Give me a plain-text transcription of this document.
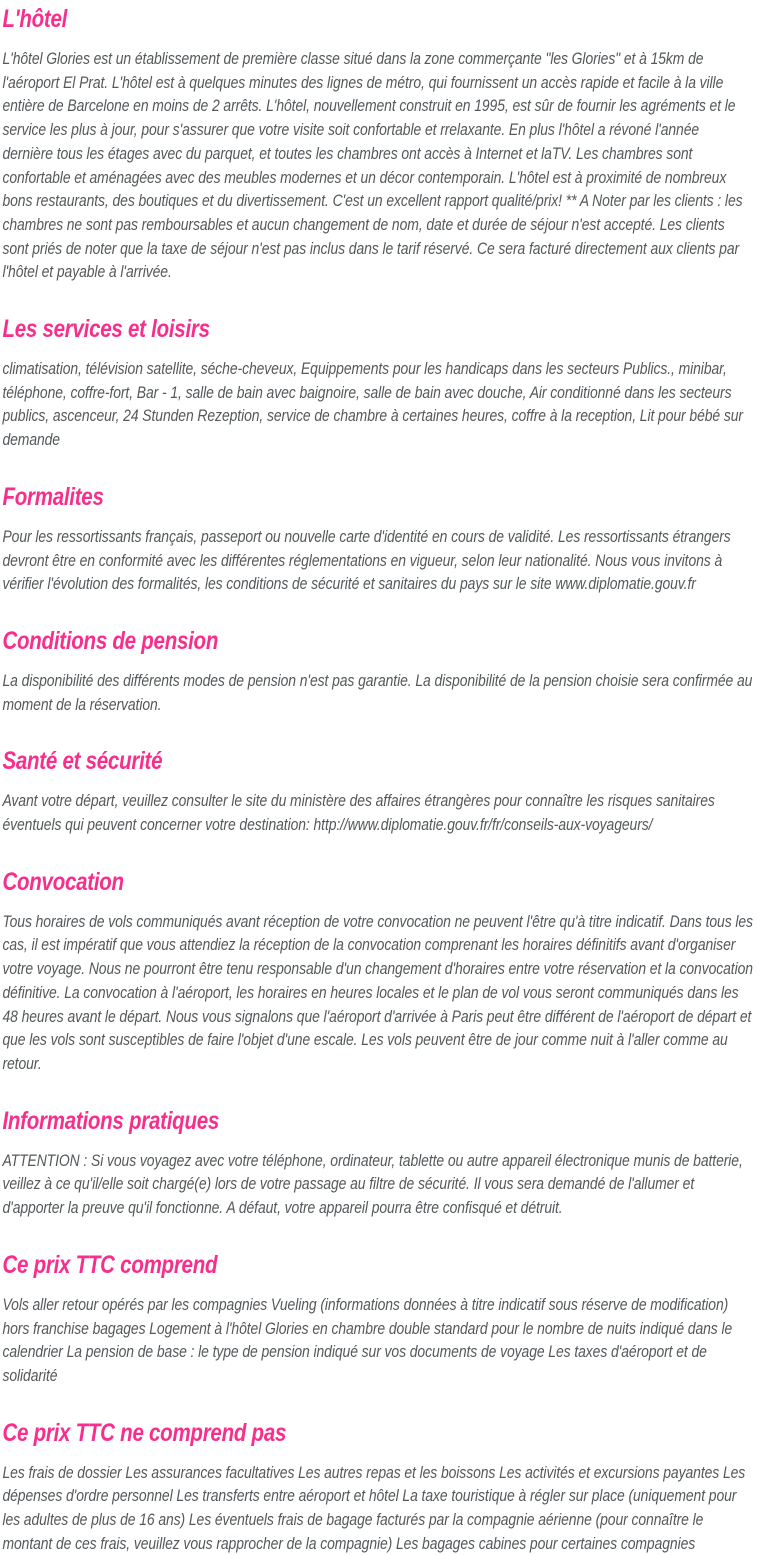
L'hôtel

L'hôtel Glories est un établissement de première classe situé dans la zone commerçante "les Glories" et à 15km de l'aéroport El Prat. L'hôtel est à quelques minutes des lignes de métro, qui fournissent un accès rapide et facile à la ville entière de Barcelone en moins de 2 arrêts. L'hôtel, nouvellement construit en 1995, est sûr de fournir les agréments et le service les plus à jour, pour s'assurer que votre visite soit confortable et rrelaxante. En plus l'hôtel a révoné l'année dernière tous les étages avec du parquet, et toutes les chambres ont accès à Internet et laTV. Les chambres sont confortable et aménagées avec des meubles modernes et un décor contemporain. L'hôtel est à proximité de nombreux bons restaurants, des boutiques et du divertissement. C'est un excellent rapport qualité/prix! ** A Noter par les clients : les chambres ne sont pas remboursables et aucun changement de nom, date et durée de séjour n'est accepté. Les clients sont priés de noter que la taxe de séjour n'est pas inclus dans le tarif réservé. Ce sera facturé directement aux clients par l'hôtel et payable à l'arrivée.

Les services et loisirs

climatisation, télévision satellite, séche-cheveux, Equippements pour les handicaps dans les secteurs Publics., minibar, téléphone, coffre-fort, Bar - 1, salle de bain avec baignoire, salle de bain avec douche, Air conditionné dans les secteurs publics, ascenceur, 24 Stunden Rezeption, service de chambre à certaines heures, coffre à la reception, Lit pour bébé sur demande

Formalites

Pour les ressortissants français, passeport ou nouvelle carte d'identité en cours de validité. Les ressortissants étrangers devront être en conformité avec les différentes réglementations en vigueur, selon leur nationalité. Nous vous invitons à vérifier l'évolution des formalités, les conditions de sécurité et sanitaires du pays sur le site www.diplomatie.gouv.fr

Conditions de pension

La disponibilité des différents modes de pension n'est pas garantie. La disponibilité de la pension choisie sera confirmée au moment de la réservation.

Santé et sécurité

Avant votre départ, veuillez consulter le site du ministère des affaires étrangères pour connaître les risques sanitaires éventuels qui peuvent concerner votre destination: http://www.diplomatie.gouv.fr/fr/conseils-aux-voyageurs/

Convocation

Tous horaires de vols communiqués avant réception de votre convocation ne peuvent l'être qu'à titre indicatif. Dans tous les cas, il est impératif que vous attendiez la réception de la convocation comprenant les horaires définitifs avant d'organiser votre voyage. Nous ne pourront être tenu responsable d'un changement d'horaires entre votre réservation et la convocation définitive. La convocation à l'aéroport, les horaires en heures locales et le plan de vol vous seront communiqués dans les 48 heures avant le départ. Nous vous signalons que l'aéroport d'arrivée à Paris peut être différent de l'aéroport de départ et que les vols sont susceptibles de faire l'objet d'une escale. Les vols peuvent être de jour comme nuit à l'aller comme au retour.

Informations pratiques

ATTENTION : Si vous voyagez avec votre téléphone, ordinateur, tablette ou autre appareil électronique munis de batterie, veillez à ce qu'il/elle soit chargé(e) lors de votre passage au filtre de sécurité. Il vous sera demandé de l'allumer et d'apporter la preuve qu'il fonctionne. A défaut, votre appareil pourra être confisqué et détruit.

Ce prix TTC comprend

Vols aller retour opérés par les compagnies Vueling (informations données à titre indicatif sous réserve de modification) hors franchise bagages Logement à l'hôtel Glories en chambre double standard pour le nombre de nuits indiqué dans le calendrier La pension de base : le type de pension indiqué sur vos documents de voyage Les taxes d'aéroport et de solidarité

Ce prix TTC ne comprend pas

Les frais de dossier Les assurances facultatives Les autres repas et les boissons Les activités et excursions payantes Les dépenses d'ordre personnel Les transferts entre aéroport et hôtel La taxe touristique à régler sur place (uniquement pour les adultes de plus de 16 ans) Les éventuels frais de bagage facturés par la compagnie aérienne (pour connaître le montant de ces frais, veuillez vous rapprocher de la compagnie) Les bagages cabines pour certaines compagnies
